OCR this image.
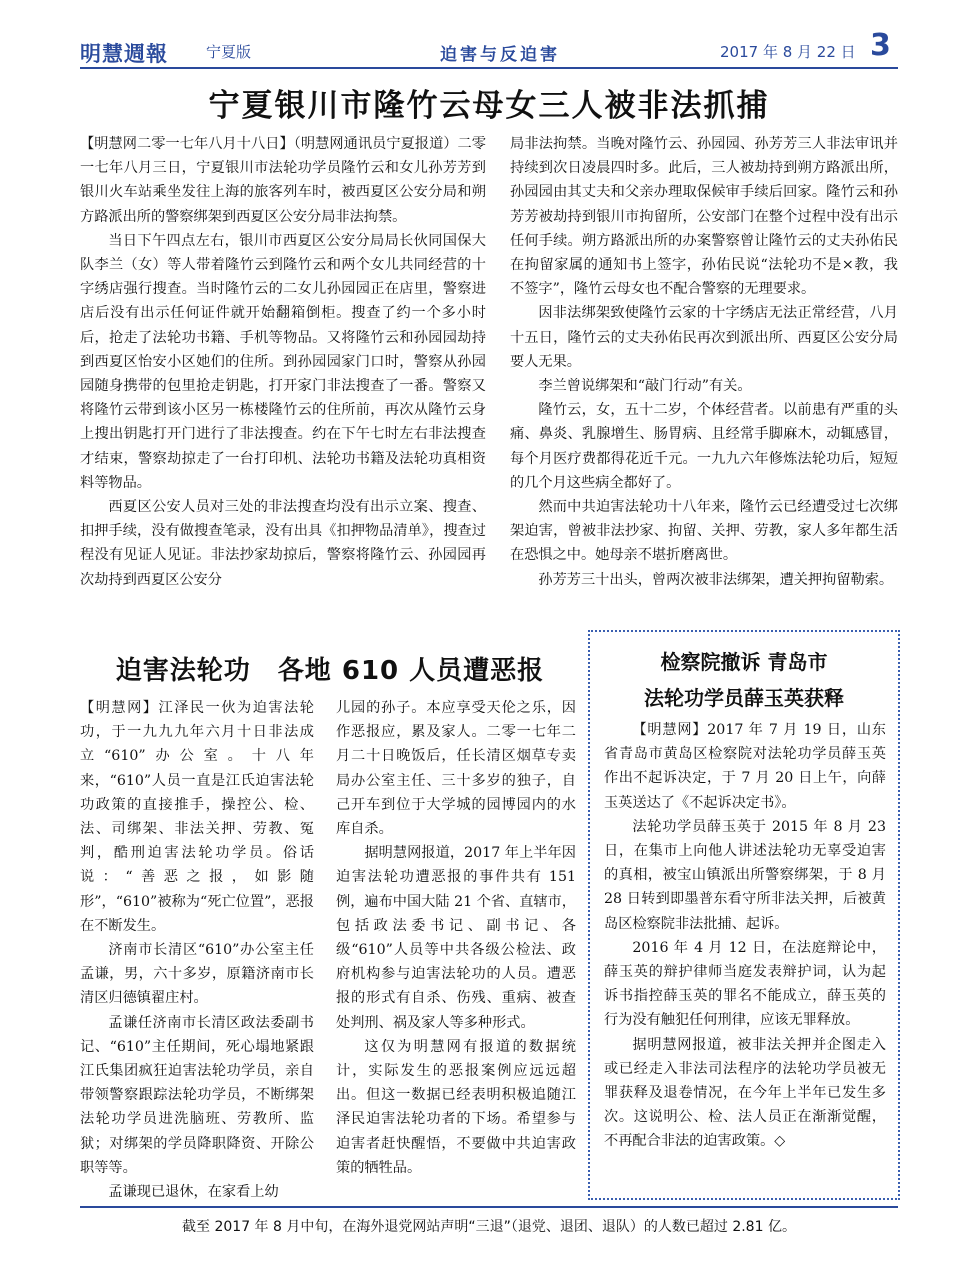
明慧週報	宁夏版	迫害与反迫害	2017 年 8 月 22 日 3
宁夏银川市隆竹云母女三人被非法抓捕

【明慧网二零一七年八月十八日】（明慧网通讯员宁夏报道）二零一七年八月三日，宁夏银川市法轮功学员隆竹云和女儿孙芳芳到银川火车站乘坐发往上海的旅客列车时，被西夏区公安分局和朔方路派出所的警察绑架到西夏区公安分局非法拘禁。

当日下午四点左右，银川市西夏区公安分局局长伙同国保大队李兰（女）等人带着隆竹云到隆竹云和两个女儿共同经营的十字绣店强行搜查。当时隆竹云的二女儿孙园园正在店里，警察进店后没有出示任何证件就开始翻箱倒柜。搜查了约一个多小时后，抢走了法轮功书籍、手机等物品。又将隆竹云和孙园园劫持到西夏区怡安小区她们的住所。到孙园园家门口时，警察从孙园园随身携带的包里抢走钥匙，打开家门非法搜查了一番。警察又将隆竹云带到该小区另一栋楼隆竹云的住所前，再次从隆竹云身上搜出钥匙打开门进行了非法搜查。约在下午七时左右非法搜查才结束，警察劫掠走了一台打印机、法轮功书籍及法轮功真相资料等物品。

西夏区公安人员对三处的非法搜查均没有出示立案、搜查、扣押手续，没有做搜查笔录，没有出具《扣押物品清单》，搜查过程没有见证人见证。非法抄家劫掠后，警察将隆竹云、孙园园再次劫持到西夏区公安分

局非法拘禁。当晚对隆竹云、孙园园、孙芳芳三人非法审讯并持续到次日凌晨四时多。此后，三人被劫持到朔方路派出所，孙园园由其丈夫和父亲办理取保候审手续后回家。隆竹云和孙芳芳被劫持到银川市拘留所，公安部门在整个过程中没有出示任何手续。朔方路派出所的办案警察曾让隆竹云的丈夫孙佑民在拘留家属的通知书上签字，孙佑民说“法轮功不是×教，我不签字”，隆竹云母女也不配合警察的无理要求。

因非法绑架致使隆竹云家的十字绣店无法正常经营，八月十五日，隆竹云的丈夫孙佑民再次到派出所、西夏区公安分局要人无果。

李兰曾说绑架和“敲门行动”有关。

隆竹云，女，五十二岁，个体经营者。以前患有严重的头痛、鼻炎、乳腺增生、肠胃病、且经常手脚麻木，动辄感冒，每个月医疗费都得花近千元。一九九六年修炼法轮功后，短短的几个月这些病全都好了。

然而中共迫害法轮功十八年来，隆竹云已经遭受过七次绑架迫害，曾被非法抄家、拘留、关押、劳教，家人多年都生活在恐惧之中。她母亲不堪折磨离世。

孙芳芳三十出头，曾两次被非法绑架，遭关押拘留勒索。

迫害法轮功　各地 610 人员遭恶报

【明慧网】江泽民一伙为迫害法轮功，于一九九九年六月十日非法成立“610”办公室。十八年来，“610”人员一直是江氏迫害法轮功政策的直接推手，操控公、检、法、司绑架、非法关押、劳教、冤判，酷刑迫害法轮功学员。俗话说：“善恶之报，如影随形”，“610”被称为“死亡位置”，恶报在不断发生。

济南市长清区“610”办公室主任孟谦，男，六十多岁，原籍济南市长清区归德镇翟庄村。

孟谦任济南市长清区政法委副书记、“610”主任期间，死心塌地紧跟江氏集团疯狂迫害法轮功学员，亲自带领警察跟踪法轮功学员，不断绑架法轮功学员进洗脑班、劳教所、监狱；对绑架的学员降职降资、开除公职等等。

孟谦现已退休，在家看上幼

儿园的孙子。本应享受天伦之乐，因作恶报应，累及家人。二零一七年二月二十日晚饭后，任长清区烟草专卖局办公室主任、三十多岁的独子，自己开车到位于大学城的园博园内的水库自杀。

据明慧网报道，2017 年上半年因迫害法轮功遭恶报的事件共有 151 例，遍布中国大陆 21 个省、直辖市，包括政法委书记、副书记、各级“610”人员等中共各级公检法、政府机构参与迫害法轮功的人员。遭恶报的形式有自杀、伤残、重病、被查处判刑、祸及家人等多种形式。

这仅为明慧网有报道的数据统计，实际发生的恶报案例应远远超出。但这一数据已经表明积极追随江泽民迫害法轮功者的下场。希望参与迫害者赶快醒悟，不要做中共迫害政策的牺牲品。

检察院撤诉 青岛市
法轮功学员薛玉英获释

【明慧网】2017 年 7 月 19 日，山东省青岛市黄岛区检察院对法轮功学员薛玉英作出不起诉决定，于 7 月 20 日上午，向薛玉英送达了《不起诉决定书》。

法轮功学员薛玉英于 2015 年 8 月 23 日，在集市上向他人讲述法轮功无辜受迫害的真相，被宝山镇派出所警察绑架，于 8 月 28 日转到即墨普东看守所非法关押，后被黄岛区检察院非法批捕、起诉。

2016 年 4 月 12 日，在法庭辩论中，薛玉英的辩护律师当庭发表辩护词，认为起诉书指控薛玉英的罪名不能成立，薛玉英的行为没有触犯任何刑律，应该无罪释放。

据明慧网报道，被非法关押并企图走入或已经走入非法司法程序的法轮功学员被无罪获释及退卷情况，在今年上半年已发生多次。这说明公、检、法人员正在渐渐觉醒，不再配合非法的迫害政策。◇

截至 2017 年 8 月中旬，在海外退党网站声明“三退”（退党、退团、退队）的人数已超过 2.81 亿。
